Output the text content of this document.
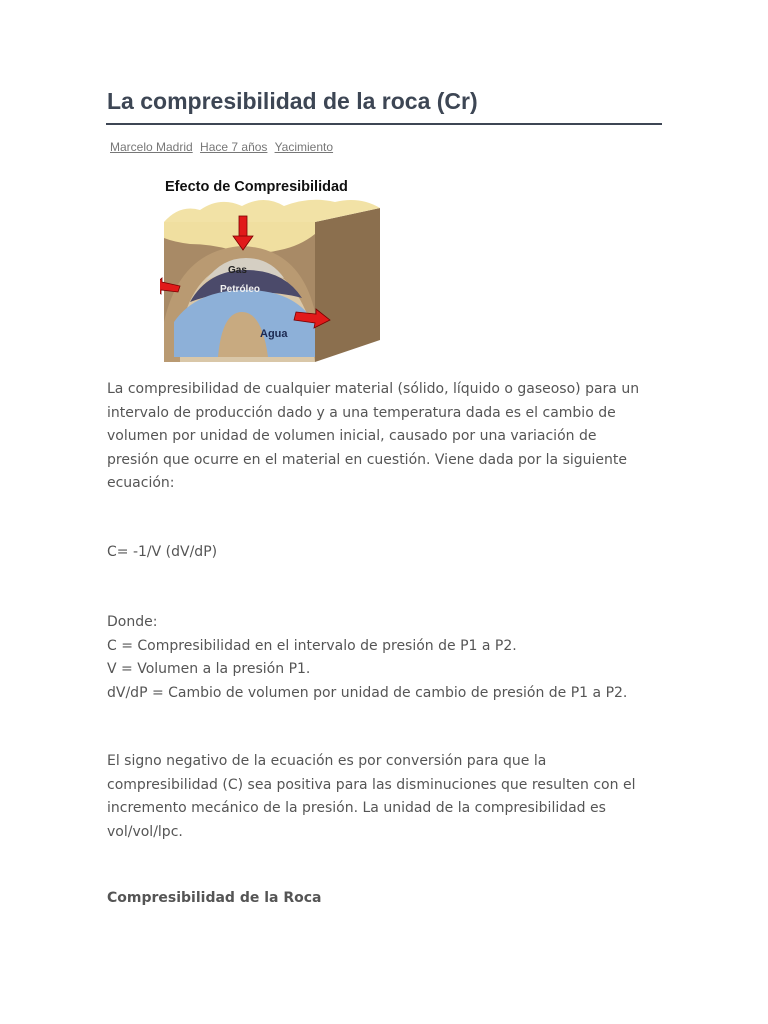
La compresibilidad de la roca (Cr)
Marcelo Madrid Hace 7 años Yacimiento
Efecto de Compresibilidad
Gas
Petróleo
Agua

La compresibilidad de cualquier material (sólido, líquido o gaseoso) para un
intervalo de producción dado y a una temperatura dada es el cambio de
volumen por unidad de volumen inicial, causado por una variación de
presión que ocurre en el material en cuestión. Viene dada por la siguiente
ecuación:

C= -1/V (dV/dP)

Donde:
C = Compresibilidad en el intervalo de presión de P1 a P2.
V = Volumen a la presión P1.
dV/dP = Cambio de volumen por unidad de cambio de presión de P1 a P2.

El signo negativo de la ecuación es por conversión para que la
compresibilidad (C) sea positiva para las disminuciones que resulten con el
incremento mecánico de la presión. La unidad de la compresibilidad es
vol/vol/lpc.

Compresibilidad de la Roca
